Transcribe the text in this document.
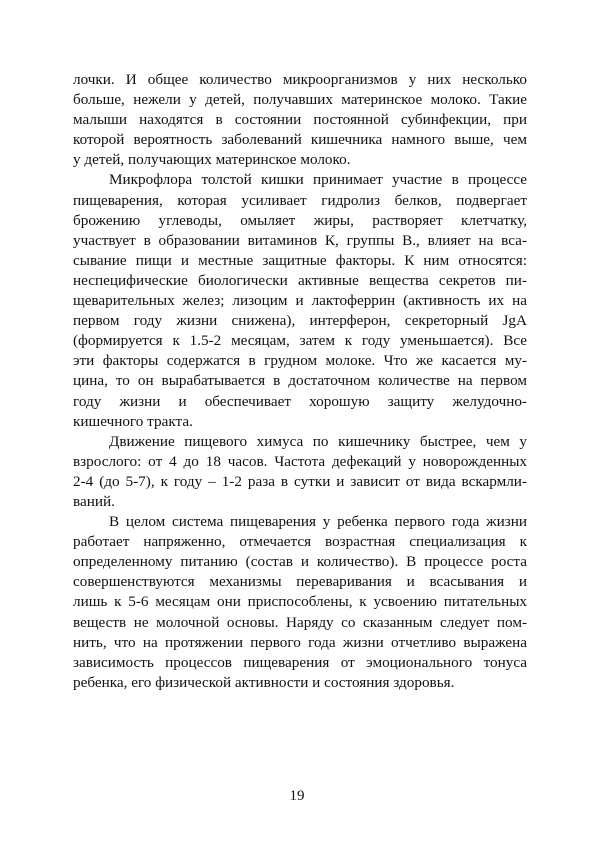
лочки. И общее количество микроорганизмов у них несколько
больше, нежели у детей, получавших материнское молоко. Такие
малыши находятся в состоянии постоянной субинфекции, при
которой вероятность заболеваний кишечника намного выше, чем
у детей, получающих материнское молоко.

Микрофлора толстой кишки принимает участие в процессе
пищеварения, которая усиливает гидролиз белков, подвергает
брожению углеводы, омыляет жиры, растворяет клетчатку,
участвует в образовании витаминов К, группы В., влияет на вса-
сывание пищи и местные защитные факторы. К ним относятся:
неспецифические биологически активные вещества секретов пи-
щеварительных желез; лизоцим и лактоферрин (активность их на
первом году жизни снижена), интерферон, секреторный JgA
(формируется к 1.5-2 месяцам, затем к году уменьшается). Все
эти факторы содержатся в грудном молоке. Что же касается му-
цина, то он вырабатывается в достаточном количестве на первом
году жизни и обеспечивает хорошую защиту желудочно-
кишечного тракта.

Движение пищевого химуса по кишечнику быстрее, чем у
взрослого: от 4 до 18 часов. Частота дефекаций у новорожденных
2-4 (до 5-7), к году – 1-2 раза в сутки и зависит от вида вскармли-
ваний.

В целом система пищеварения у ребенка первого года жизни
работает напряженно, отмечается возрастная специализация к
определенному питанию (состав и количество). В процессе роста
совершенствуются механизмы переваривания и всасывания и
лишь к 5-6 месяцам они приспособлены, к усвоению питательных
веществ не молочной основы. Наряду со сказанным следует пом-
нить, что на протяжении первого года жизни отчетливо выражена
зависимость процессов пищеварения от эмоционального тонуса
ребенка, его физической активности и состояния здоровья.

19
